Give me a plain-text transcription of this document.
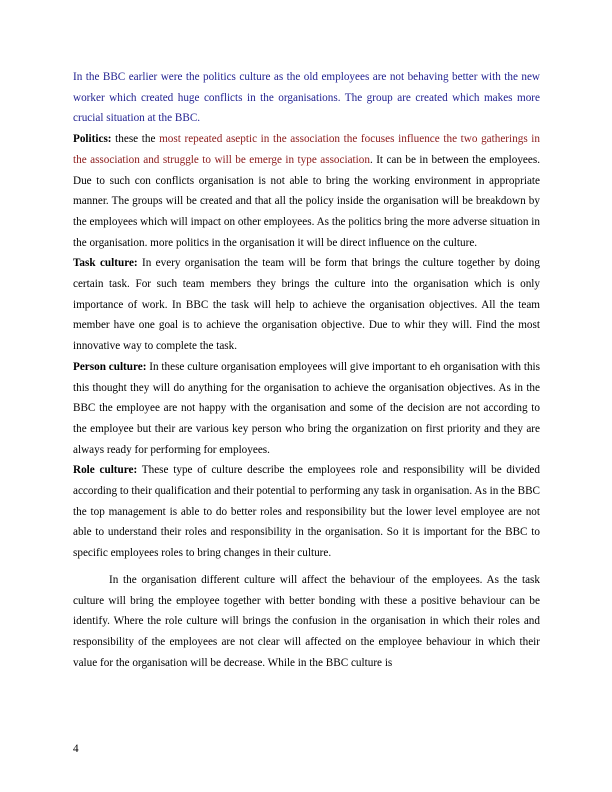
In the BBC earlier were the politics culture as the old employees are not behaving better with the new worker which created huge conflicts in the organisations. The group are created which makes more crucial situation at the BBC.

Politics: these the most repeated aseptic in the association the focuses influence the two gatherings in the association and struggle to will be emerge in type association. It can be in between the employees. Due to such con conflicts organisation is not able to bring the working environment in appropriate manner. The groups will be created and that all the policy inside the organisation will be breakdown by the employees which will impact on other employees. As the politics bring the more adverse situation in the organisation. more politics in the organisation it will be direct influence on the culture.

Task culture: In every organisation the team will be form that brings the culture together by doing certain task. For such team members they brings the culture into the organisation which is only importance of work. In BBC the task will help to achieve the organisation objectives. All the team member have one goal is to achieve the organisation objective. Due to whir they will. Find the most innovative way to complete the task.

Person culture: In these culture organisation employees will give important to eh organisation with this this thought they will do anything for the organisation to achieve the organisation objectives. As in the BBC the employee are not happy with the organisation and some of the decision are not according to the employee but their are various key person who bring the organization on first priority and they are always ready for performing for employees.

Role culture: These type of culture describe the employees role and responsibility will be divided according to their qualification and their potential to performing any task in organisation. As in the BBC the top management is able to do better roles and responsibility but the lower level employee are not able to understand their roles and responsibility in the organisation. So it is important for the BBC to specific employees roles to bring changes in their culture.

In the organisation different culture will affect the behaviour of the employees. As the task culture will bring the employee together with better bonding with these a positive behaviour can be identify. Where the role culture will brings the confusion in the organisation in which their roles and responsibility of the employees are not clear will affected on the employee behaviour in which their value for the organisation will be decrease. While in the BBC culture is

4
